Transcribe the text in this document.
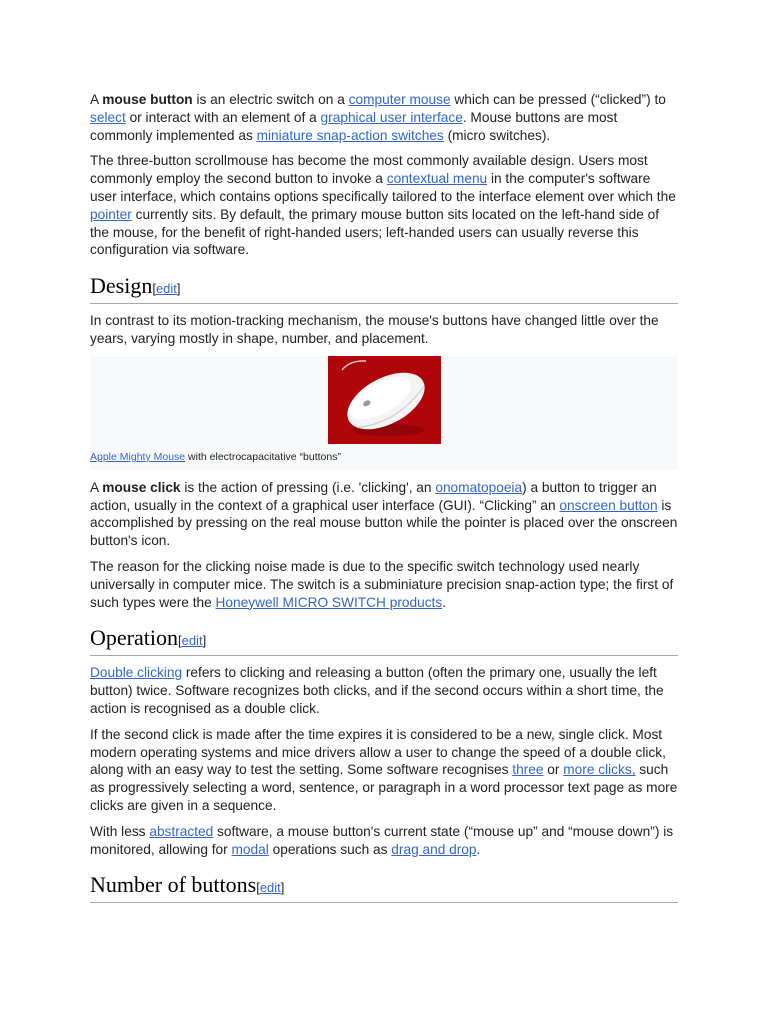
A mouse button is an electric switch on a computer mouse which can be pressed (“clicked”) to select or interact with an element of a graphical user interface. Mouse buttons are most commonly implemented as miniature snap-action switches (micro switches).

The three-button scrollmouse has become the most commonly available design. Users most commonly employ the second button to invoke a contextual menu in the computer's software user interface, which contains options specifically tailored to the interface element over which the pointer currently sits. By default, the primary mouse button sits located on the left-hand side of the mouse, for the benefit of right-handed users; left-handed users can usually reverse this configuration via software.

Design[edit]

In contrast to its motion-tracking mechanism, the mouse's buttons have changed little over the years, varying mostly in shape, number, and placement.

Apple Mighty Mouse with electrocapacitative “buttons”

A mouse click is the action of pressing (i.e. 'clicking', an onomatopoeia) a button to trigger an action, usually in the context of a graphical user interface (GUI). “Clicking” an onscreen button is accomplished by pressing on the real mouse button while the pointer is placed over the onscreen button's icon.

The reason for the clicking noise made is due to the specific switch technology used nearly universally in computer mice. The switch is a subminiature precision snap-action type; the first of such types were the Honeywell MICRO SWITCH products.

Operation[edit]

Double clicking refers to clicking and releasing a button (often the primary one, usually the left button) twice. Software recognizes both clicks, and if the second occurs within a short time, the action is recognised as a double click.

If the second click is made after the time expires it is considered to be a new, single click. Most modern operating systems and mice drivers allow a user to change the speed of a double click, along with an easy way to test the setting. Some software recognises three or more clicks, such as progressively selecting a word, sentence, or paragraph in a word processor text page as more clicks are given in a sequence.

With less abstracted software, a mouse button's current state (“mouse up” and “mouse down”) is monitored, allowing for modal operations such as drag and drop.

Number of buttons[edit]
